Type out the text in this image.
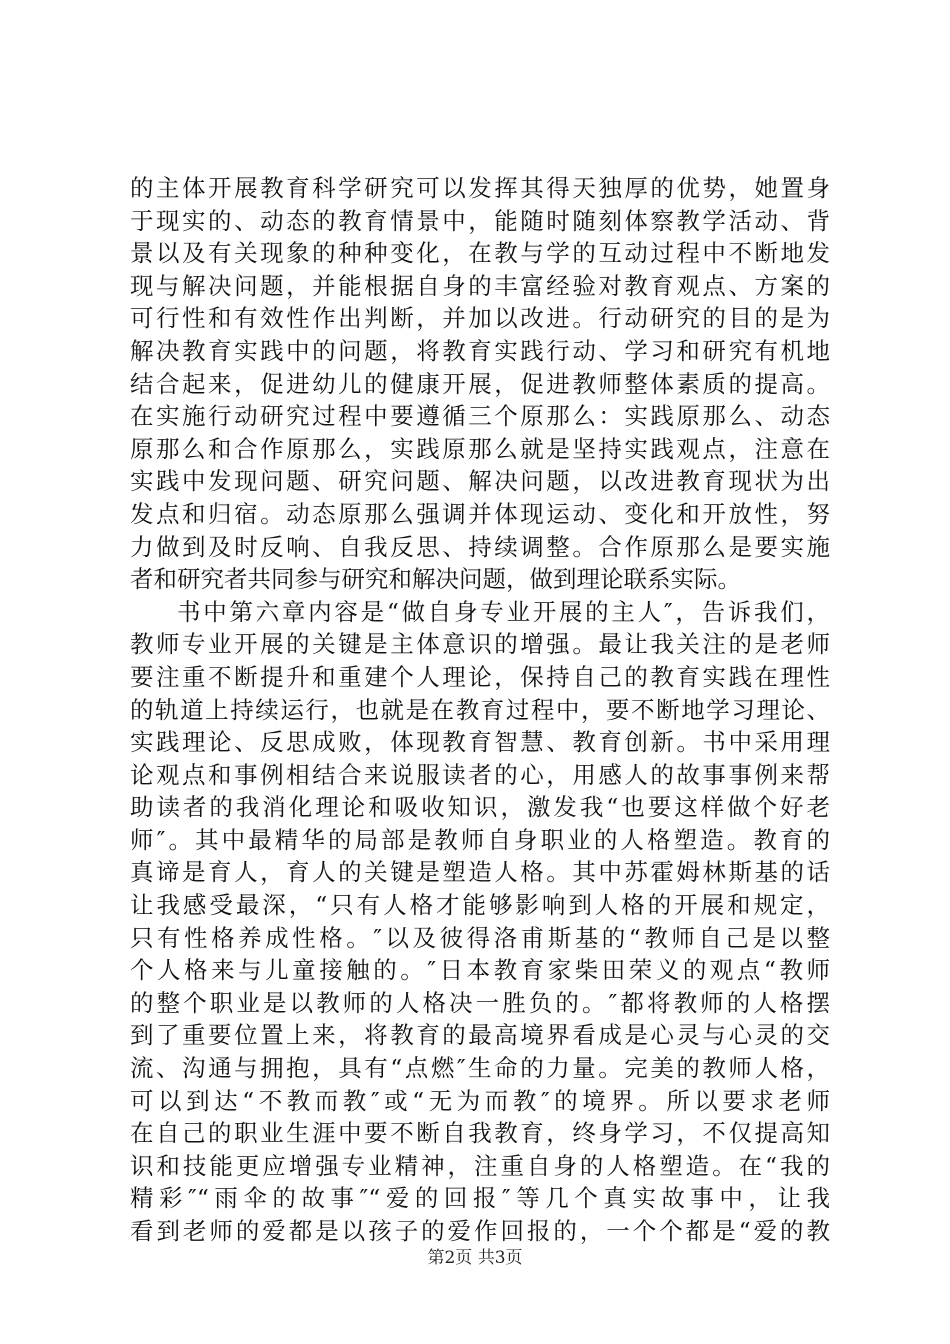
的主体开展教育科学研究可以发挥其得天独厚的优势，她置身
于现实的、动态的教育情景中，能随时随刻体察教学活动、背
景以及有关现象的种种变化，在教与学的互动过程中不断地发
现与解决问题，并能根据自身的丰富经验对教育观点、方案的
可行性和有效性作出判断，并加以改进。行动研究的目的是为
解决教育实践中的问题，将教育实践行动、学习和研究有机地
结合起来，促进幼儿的健康开展，促进教师整体素质的提高。
在实施行动研究过程中要遵循三个原那么：实践原那么、动态
原那么和合作原那么，实践原那么就是坚持实践观点，注意在
实践中发现问题、研究问题、解决问题，以改进教育现状为出
发点和归宿。动态原那么强调并体现运动、变化和开放性，努
力做到及时反响、自我反思、持续调整。合作原那么是要实施
者和研究者共同参与研究和解决问题，做到理论联系实际。
书中第六章内容是“做自身专业开展的主人″，告诉我们，
教师专业开展的关键是主体意识的增强。最让我关注的是老师
要注重不断提升和重建个人理论，保持自己的教育实践在理性
的轨道上持续运行，也就是在教育过程中，要不断地学习理论、
实践理论、反思成败，体现教育智慧、教育创新。书中采用理
论观点和事例相结合来说服读者的心，用感人的故事事例来帮
助读者的我消化理论和吸收知识，激发我“也要这样做个好老
师″。其中最精华的局部是教师自身职业的人格塑造。教育的
真谛是育人，育人的关键是塑造人格。其中苏霍姆林斯基的话
让我感受最深，“只有人格才能够影响到人格的开展和规定，
只有性格养成性格。″以及彼得洛甫斯基的“教师自己是以整
个人格来与儿童接触的。″日本教育家柴田荣义的观点“教师
的整个职业是以教师的人格决一胜负的。″都将教师的人格摆
到了重要位置上来，将教育的最高境界看成是心灵与心灵的交
流、沟通与拥抱，具有“点燃″生命的力量。完美的教师人格，
可以到达“不教而教″或“无为而教″的境界。所以要求老师
在自己的职业生涯中要不断自我教育，终身学习，不仅提高知
识和技能更应增强专业精神，注重自身的人格塑造。在“我的
精彩″“雨伞的故事″“爱的回报″等几个真实故事中，让我
看到老师的爱都是以孩子的爱作回报的，一个个都是“爱的教
第2页 共3页
